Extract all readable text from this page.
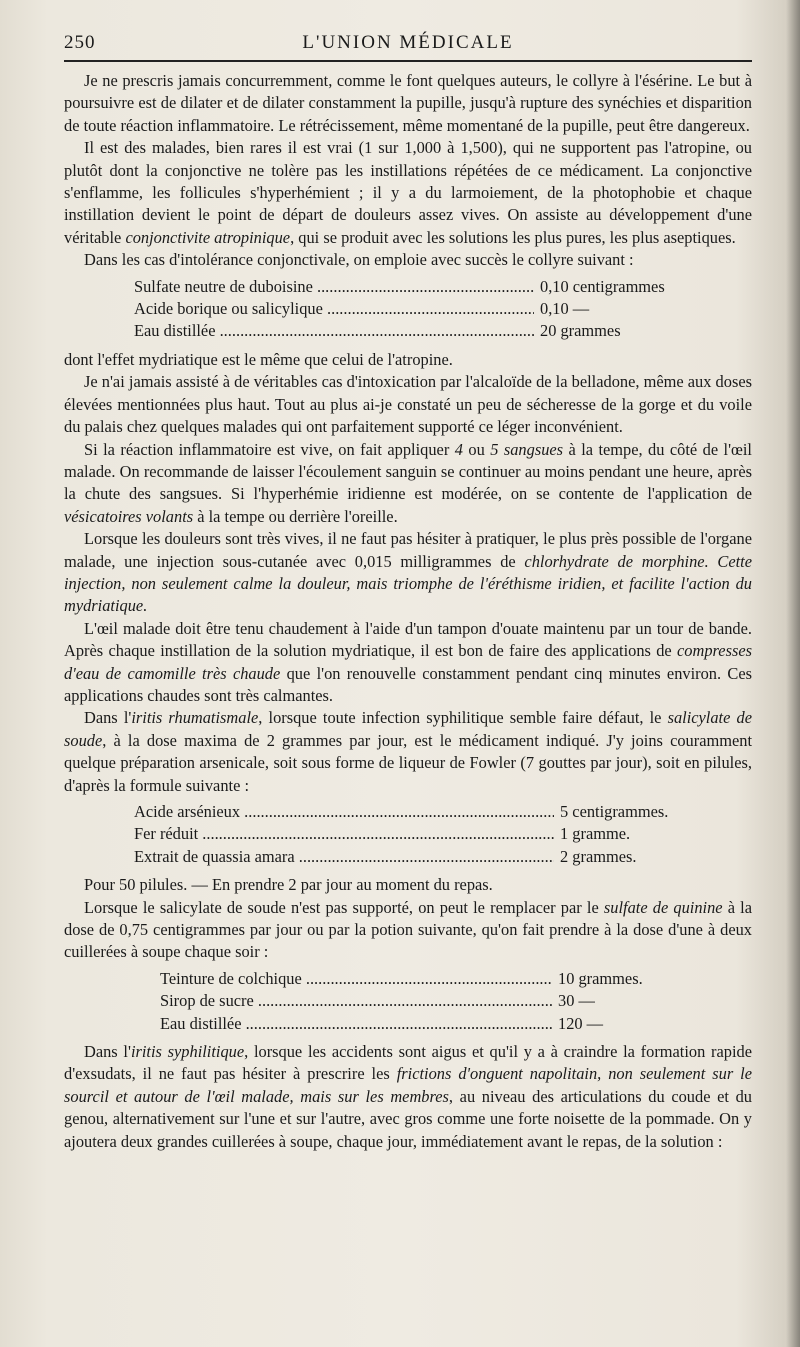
250	L'UNION MÉDICALE

Je ne prescris jamais concurremment, comme le font quelques auteurs, le collyre à l'ésérine. Le but à poursuivre est de dilater et de dilater constamment la pupille, jusqu'à rupture des synéchies et disparition de toute réaction inflammatoire. Le rétrécissement, même momentané de la pupille, peut être dangereux.

Il est des malades, bien rares il est vrai (1 sur 1,000 à 1,500), qui ne supportent pas l'atropine, ou plutôt dont la conjonctive ne tolère pas les instillations répétées de ce médicament. La conjonctive s'enflamme, les follicules s'hyperhémient ; il y a du larmoiement, de la photophobie et chaque instillation devient le point de départ de douleurs assez vives. On assiste au développement d'une véritable conjonctivite atropinique, qui se produit avec les solutions les plus pures, les plus aseptiques.

Dans les cas d'intolérance conjonctivale, on emploie avec succès le collyre suivant :

Sulfate neutre de duboisine .....	0,10 centigrammes
Acide borique ou salicylique .....	0,10 —
Eau distillée .....	20 grammes

dont l'effet mydriatique est le même que celui de l'atropine.

Je n'ai jamais assisté à de véritables cas d'intoxication par l'alcaloïde de la belladone, même aux doses élevées mentionnées plus haut. Tout au plus ai-je constaté un peu de sécheresse de la gorge et du voile du palais chez quelques malades qui ont parfaitement supporté ce léger inconvénient.

Si la réaction inflammatoire est vive, on fait appliquer 4 ou 5 sangsues à la tempe, du côté de l'œil malade. On recommande de laisser l'écoulement sanguin se continuer au moins pendant une heure, après la chute des sangsues. Si l'hyperhémie iridienne est modérée, on se contente de l'application de vésicatoires volants à la tempe ou derrière l'oreille.

Lorsque les douleurs sont très vives, il ne faut pas hésiter à pratiquer, le plus près possible de l'organe malade, une injection sous-cutanée avec 0,015 milligrammes de chlorhydrate de morphine. Cette injection, non seulement calme la douleur, mais triomphe de l'éréthisme iridien, et facilite l'action du mydriatique.

L'œil malade doit être tenu chaudement à l'aide d'un tampon d'ouate maintenu par un tour de bande. Après chaque instillation de la solution mydriatique, il est bon de faire des applications de compresses d'eau de camomille très chaude que l'on renouvelle constamment pendant cinq minutes environ. Ces applications chaudes sont très calmantes.

Dans l'iritis rhumatismale, lorsque toute infection syphilitique semble faire défaut, le salicylate de soude, à la dose maxima de 2 grammes par jour, est le médicament indiqué. J'y joins couramment quelque préparation arsenicale, soit sous forme de liqueur de Fowler (7 gouttes par jour), soit en pilules, d'après la formule suivante :

Acide arsénieux .....	5 centigrammes.
Fer réduit .....	1 gramme.
Extrait de quassia amara .....	2 grammes.

Pour 50 pilules. — En prendre 2 par jour au moment du repas.

Lorsque le salicylate de soude n'est pas supporté, on peut le remplacer par le sulfate de quinine à la dose de 0,75 centigrammes par jour ou par la potion suivante, qu'on fait prendre à la dose d'une à deux cuillerées à soupe chaque soir :

Teinture de colchique .....	10 grammes.
Sirop de sucre .....	30 —
Eau distillée .....	120 —

Dans l'iritis syphilitique, lorsque les accidents sont aigus et qu'il y a à craindre la formation rapide d'exsudats, il ne faut pas hésiter à prescrire les frictions d'onguent napolitain, non seulement sur le sourcil et autour de l'œil malade, mais sur les membres, au niveau des articulations du coude et du genou, alternativement sur l'une et sur l'autre, avec gros comme une forte noisette de la pommade. On y ajoutera deux grandes cuillerées à soupe, chaque jour, immédiatement avant le repas, de la solution :
